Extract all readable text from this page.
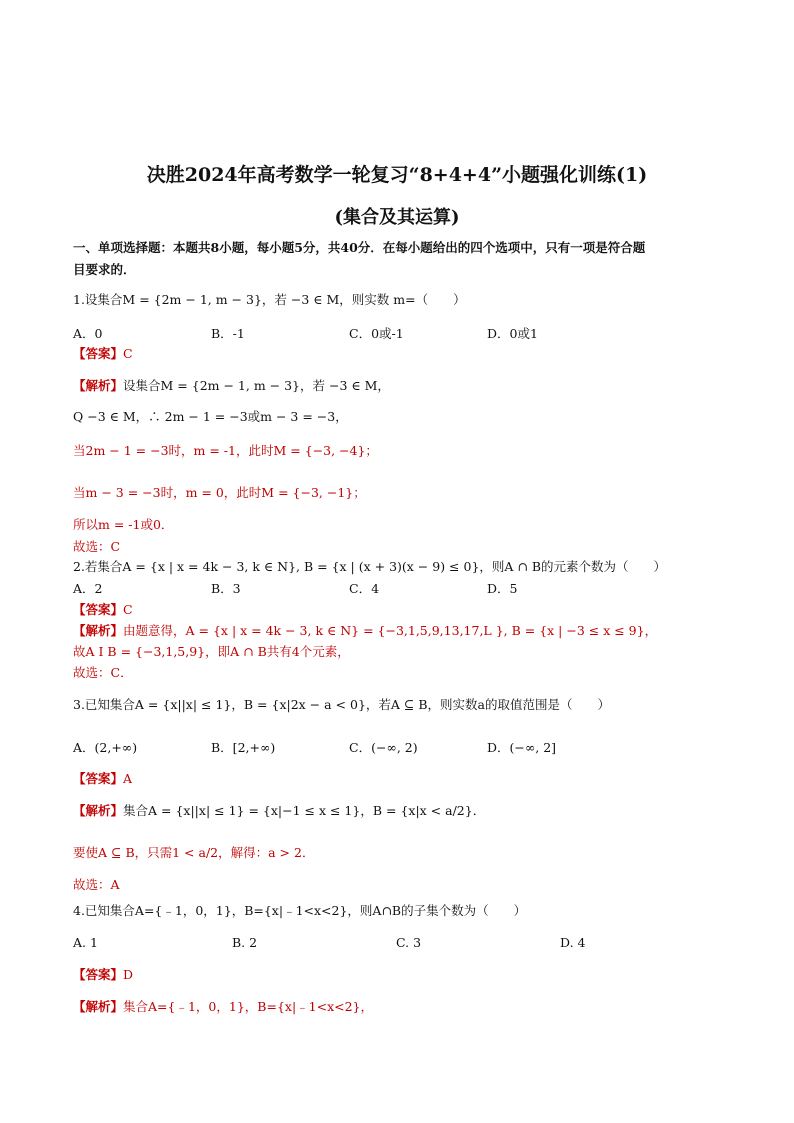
决胜2024年高考数学一轮复习“8+4+4”小题强化训练(1)
(集合及其运算)
一、单项选择题：本题共8小题，每小题5分，共40分．在每小题给出的四个选项中，只有一项是符合题
目要求的．
1.设集合M = {2m − 1, m − 3}，若 −3 ∈ M，则实数 m=（　　）
A．0	B．-1	C．0或-1	D．0或1
【答案】C
【解析】设集合M = {2m − 1, m − 3}，若 −3 ∈ M，
Q −3 ∈ M，∴ 2m − 1 = −3或m − 3 = −3，
当2m − 1 = −3时，m = -1，此时M = {−3, −4}；
当m − 3 = −3时，m = 0，此时M = {−3, −1}；
所以m = -1或0．
故选：C
2.若集合A = {x | x = 4k − 3, k ∈ N}, B = {x | (x + 3)(x − 9) ≤ 0}，则A ∩ B的元素个数为（　　）
A．2	B．3	C．4	D．5
【答案】C
【解析】由题意得，A = {x | x = 4k − 3, k ∈ N} = {−3,1,5,9,13,17,L }, B = {x | −3 ≤ x ≤ 9}，
故A I B = {−3,1,5,9}，即A ∩ B共有4个元素，
故选：C．
3.已知集合A = {x||x| ≤ 1}，B = {x|2x − a < 0}，若A ⊆ B，则实数a的取值范围是（　　）
A．(2,+∞)	B．[2,+∞)	C．(−∞, 2)	D．(−∞, 2]
【答案】A
【解析】集合A = {x||x| ≤ 1} = {x|−1 ≤ x ≤ 1}，B = {x|x < a/2}．
要使A ⊆ B，只需1 < a/2，解得：a > 2．
故选：A
4.已知集合A={﹣1，0，1}，B={x|﹣1<x<2}，则A∩B的子集个数为（　　）
A. 1	B. 2	C. 3	D. 4
【答案】D
【解析】集合A={﹣1，0，1}，B={x|﹣1<x<2}，
